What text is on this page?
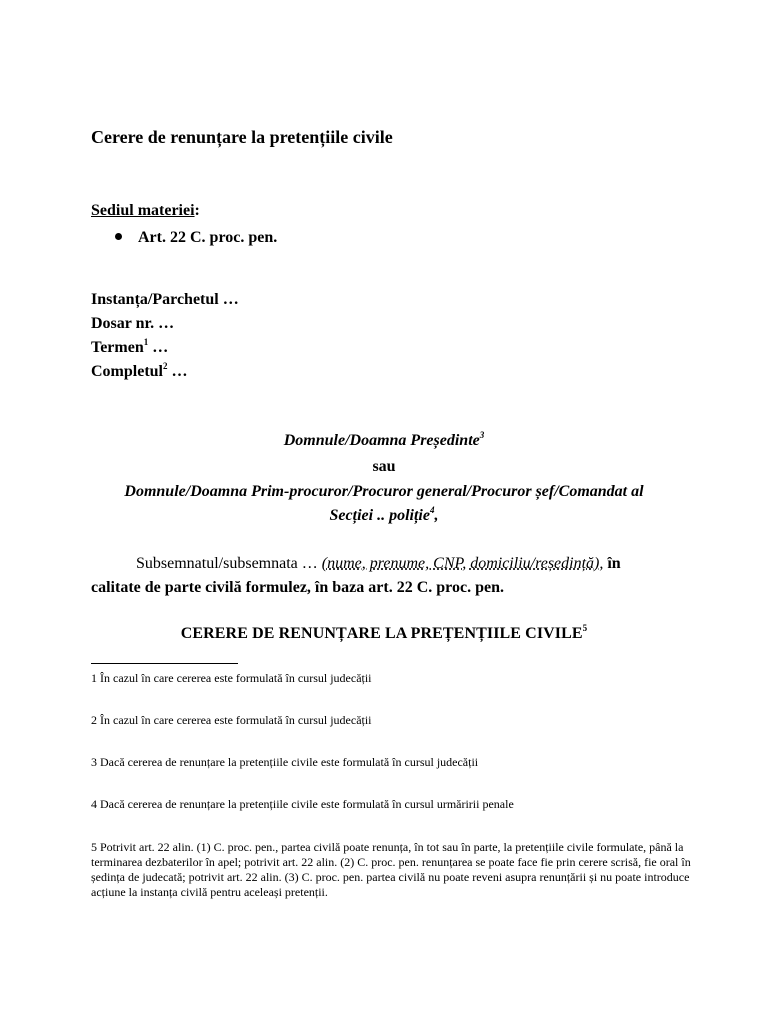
Cerere de renunțare la pretențiile civile
Sediul materiei:
Art. 22 C. proc. pen.
Instanța/Parchetul …
Dosar nr. …
Termen$^1$ …
Completul$^2$ …
Domnule/Doamna Președinte$^3$
sau
Domnule/Doamna Prim-procuror/Procuror general/Procuror șef/Comandat al
Secției .. poliție$^4$,
Subsemnatul/subsemnata … (nume, prenume, CNP, domiciliu/reședință), în
calitate de parte civilă formulez, în baza art. 22 C. proc. pen.
CERERE DE RENUNȚARE LA PREȚENȚIILE CIVILE$^5$
1 În cazul în care cererea este formulată în cursul judecății
2 În cazul în care cererea este formulată în cursul judecății
3 Dacă cererea de renunțare la pretențiile civile este formulată în cursul judecății
4 Dacă cererea de renunțare la pretențiile civile este formulată în cursul urmăririi penale
5 Potrivit art. 22 alin. (1) C. proc. pen., partea civilă poate renunța, în tot sau în parte, la pretențiile civile formulate, până la terminarea dezbaterilor în apel; potrivit art. 22 alin. (2) C. proc. pen. renunțarea se poate face fie prin cerere scrisă, fie oral în ședința de judecată; potrivit art. 22 alin. (3) C. proc. pen. partea civilă nu poate reveni asupra renunțării și nu poate introduce acțiune la instanța civilă pentru aceleași pretenții.
